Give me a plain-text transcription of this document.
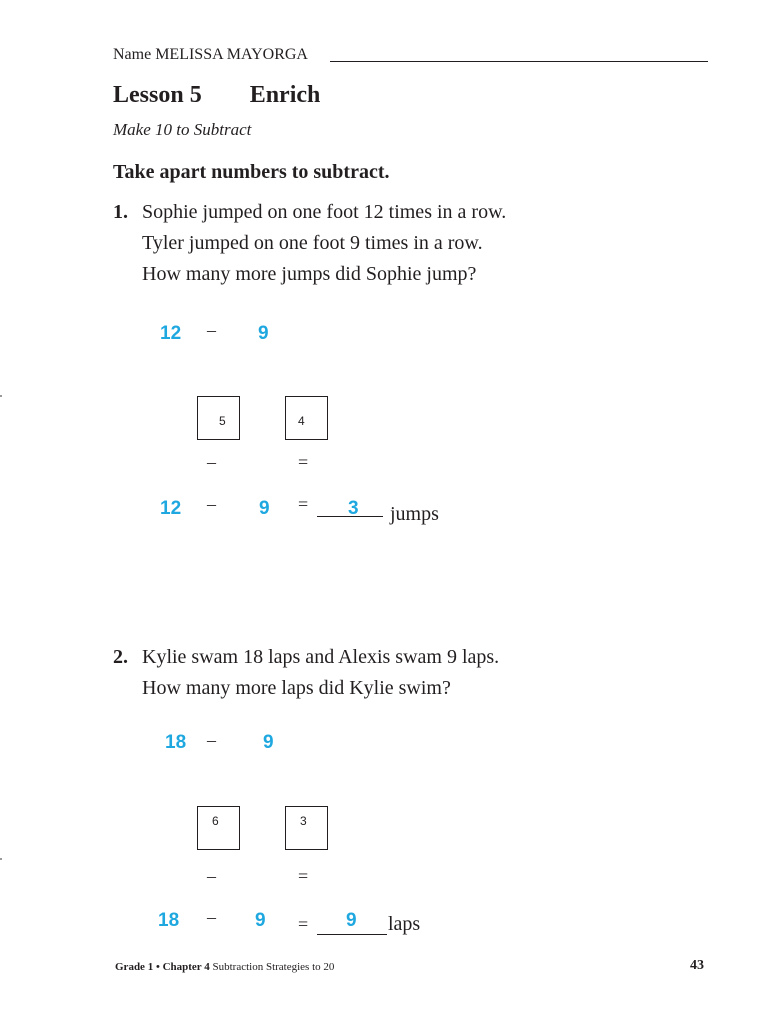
Name MELISSA MAYORGA
Lesson 5 Enrich
Make 10 to Subtract
Take apart numbers to subtract.
1. Sophie jumped on one foot 12 times in a row.
Tyler jumped on one foot 9 times in a row.
How many more jumps did Sophie jump?
12 – 9
5	4
–	=
12 – 9 = 3 jumps
2. Kylie swam 18 laps and Alexis swam 9 laps.
How many more laps did Kylie swim?
18 – 9
6	3
–	=
18 – 9 = 9 laps
Grade 1 • Chapter 4 Subtraction Strategies to 20	43
